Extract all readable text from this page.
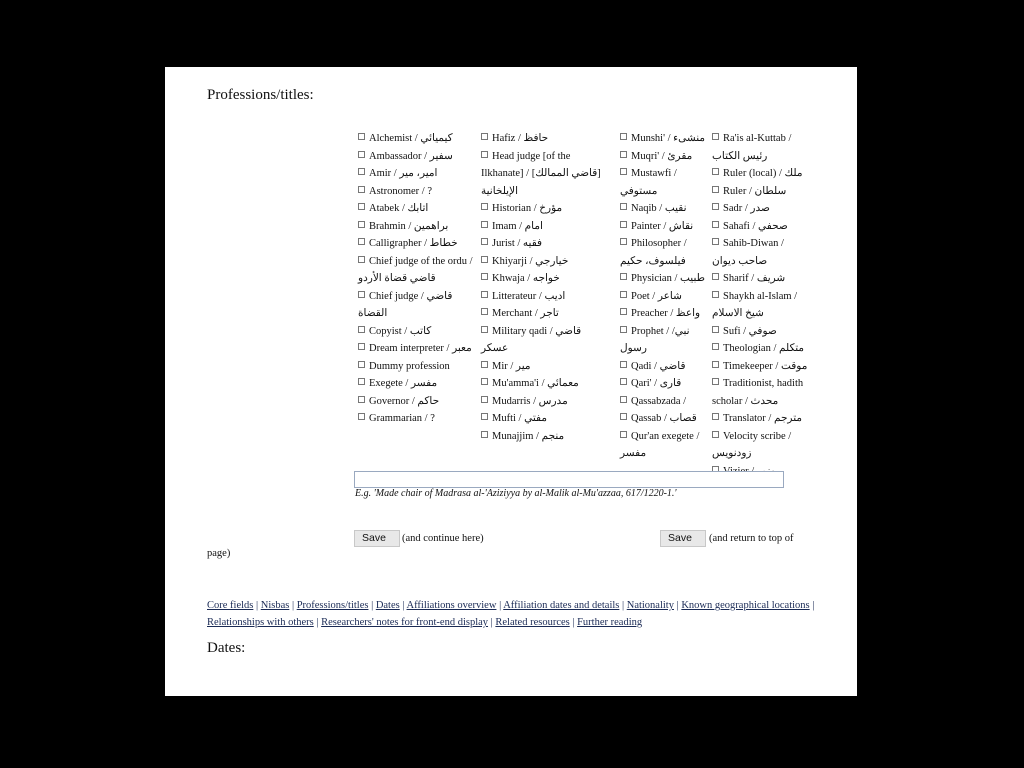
Professions/titles:
Alchemist / كيميائي
Ambassador / سفير
Amir / امير، مير
Astronomer / ?
Atabek / اتابك
Brahmin / براهمين
Calligrapher / خطاط
Chief judge of the ordu / قاضي قضاة الأردو
Chief judge / قاضي القضاة
Copyist / كاتب
Dream interpreter / معبر
Dummy profession
Exegete / مفسر
Governor / حاكم
Grammarian / ?
Hafiz / حافظ
Head judge [of the Ilkhanate] / [قاضي الممالك] الإيلخانية
Historian / مؤرخ
Imam / امام
Jurist / فقيه
Khiyarji / خيارجي
Khwaja / خواجه
Litterateur / اديب
Merchant / تاجر
Military qadi / قاضي عسكر
Mir / مير
Mu'amma'i / معمائي
Mudarris / مدرس
Mufti / مفتي
Munajjim / منجم
Munshi' / منشىء
Muqri' / مقرئ
Mustawfi / مستوفي
Naqib / نقيب
Painter / نقاش
Philosopher / فيلسوف، حكيم
Physician / طبيب
Poet / شاعر
Preacher / واعظ
Prophet / نبي/رسول
Qadi / قاضي
Qari' / قاری
Qassabzada /
Qassab / قصاب
Qur'an exegete / مفسر
Ra'is al-Kuttab / رئيس الكتاب
Ruler (local) / ملك
Ruler / سلطان
Sadr / صدر
Sahafi / صحفي
Sahib-Diwan / صاحب ديوان
Sharif / شريف
Shaykh al-Islam / شيخ الاسلام
Sufi / صوفي
Theologian / متكلم
Timekeeper / موقت
Traditionist, hadith scholar / محدث
Translator / مترجم
Velocity scribe / زودنويس
E.g. 'Made chair of Madrasa al-'Aziziyya by al-Malik al-Mu'azzaa, 617/1220-1.'
Save	(and continue here)	Save	(and return to top of
page)
Core fields | Nisbas | Professions/titles | Dates | Affiliations overview | Affiliation dates and details | Nationality | Known geographical locations | Relationships with others | Researchers' notes for front-end display | Related resources | Further reading
Dates:
